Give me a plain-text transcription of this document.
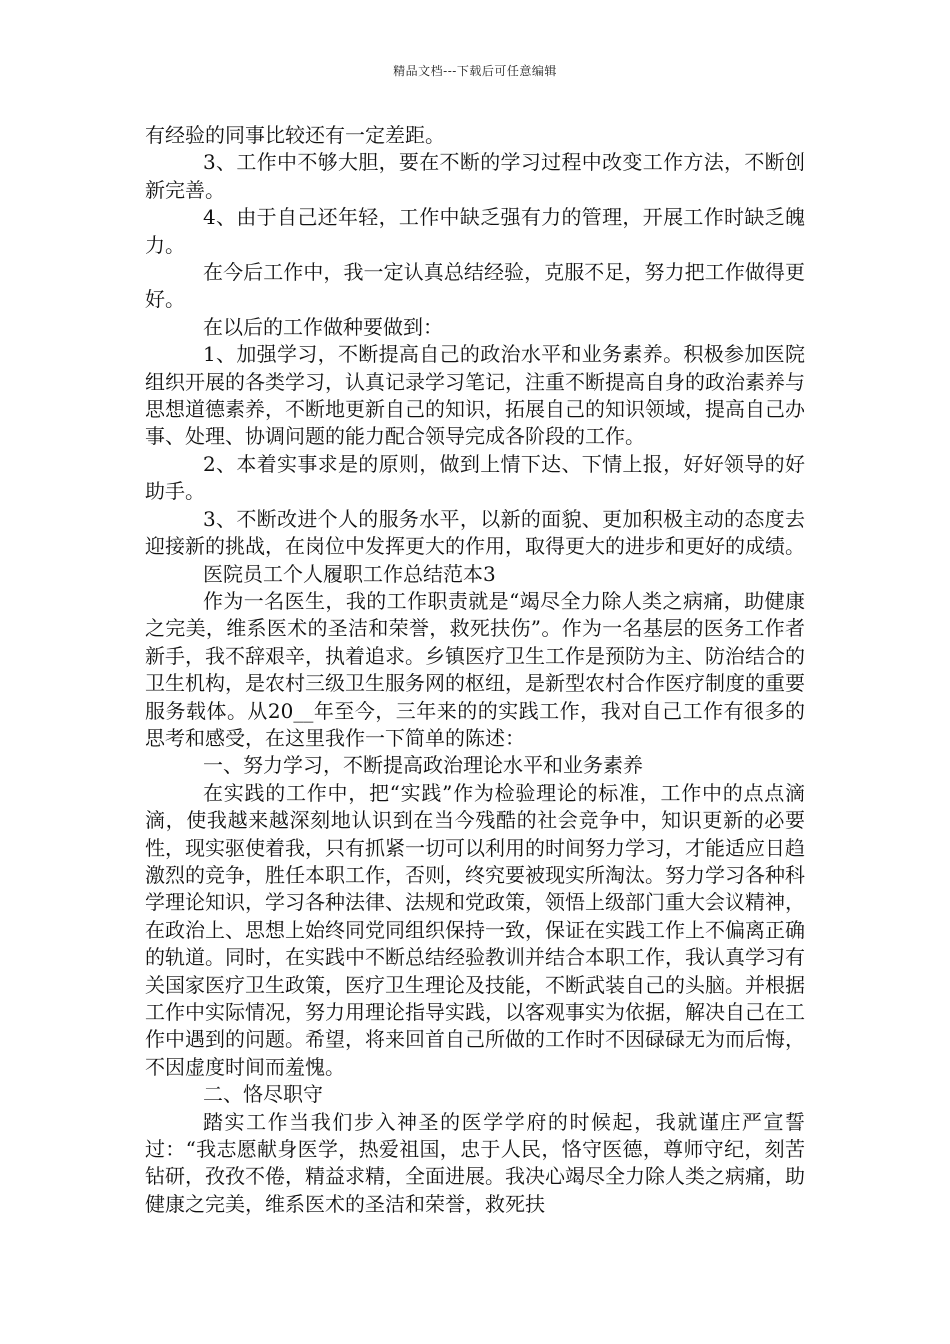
精品文档---下载后可任意编辑

有经验的同事比较还有一定差距。

3、工作中不够大胆，要在不断的学习过程中改变工作方法，不断创新完善。

4、由于自己还年轻，工作中缺乏强有力的管理，开展工作时缺乏魄力。

在今后工作中，我一定认真总结经验，克服不足，努力把工作做得更好。

在以后的工作做种要做到：

1、加强学习，不断提高自己的政治水平和业务素养。积极参加医院组织开展的各类学习，认真记录学习笔记，注重不断提高自身的政治素养与思想道德素养，不断地更新自己的知识，拓展自己的知识领域，提高自己办事、处理、协调问题的能力配合领导完成各阶段的工作。

2、本着实事求是的原则，做到上情下达、下情上报，好好领导的好助手。

3、不断改进个人的服务水平，以新的面貌、更加积极主动的态度去迎接新的挑战，在岗位中发挥更大的作用，取得更大的进步和更好的成绩。

医院员工个人履职工作总结范本3

作为一名医生，我的工作职责就是“竭尽全力除人类之病痛，助健康之完美，维系医术的圣洁和荣誉，救死扶伤”。作为一名基层的医务工作者新手，我不辞艰辛，执着追求。乡镇医疗卫生工作是预防为主、防治结合的卫生机构，是农村三级卫生服务网的枢纽，是新型农村合作医疗制度的重要服务载体。从20__年至今，三年来的的实践工作，我对自己工作有很多的思考和感受，在这里我作一下简单的陈述：

一、努力学习，不断提高政治理论水平和业务素养

在实践的工作中，把“实践”作为检验理论的标准，工作中的点点滴滴，使我越来越深刻地认识到在当今残酷的社会竞争中，知识更新的必要性，现实驱使着我，只有抓紧一切可以利用的时间努力学习，才能适应日趋激烈的竞争，胜任本职工作，否则，终究要被现实所淘汰。努力学习各种科学理论知识，学习各种法律、法规和党政策，领悟上级部门重大会议精神，在政治上、思想上始终同党同组织保持一致，保证在实践工作上不偏离正确的轨道。同时，在实践中不断总结经验教训并结合本职工作，我认真学习有关国家医疗卫生政策，医疗卫生理论及技能，不断武装自己的头脑。并根据工作中实际情况，努力用理论指导实践，以客观事实为依据，解决自己在工作中遇到的问题。希望，将来回首自己所做的工作时不因碌碌无为而后悔，不因虚度时间而羞愧。

二、恪尽职守

踏实工作当我们步入神圣的医学学府的时候起，我就谨庄严宣誓过：“我志愿献身医学，热爱祖国，忠于人民，恪守医德，尊师守纪，刻苦钻研，孜孜不倦，精益求精，全面进展。我决心竭尽全力除人类之病痛，助健康之完美，维系医术的圣洁和荣誉，救死扶
